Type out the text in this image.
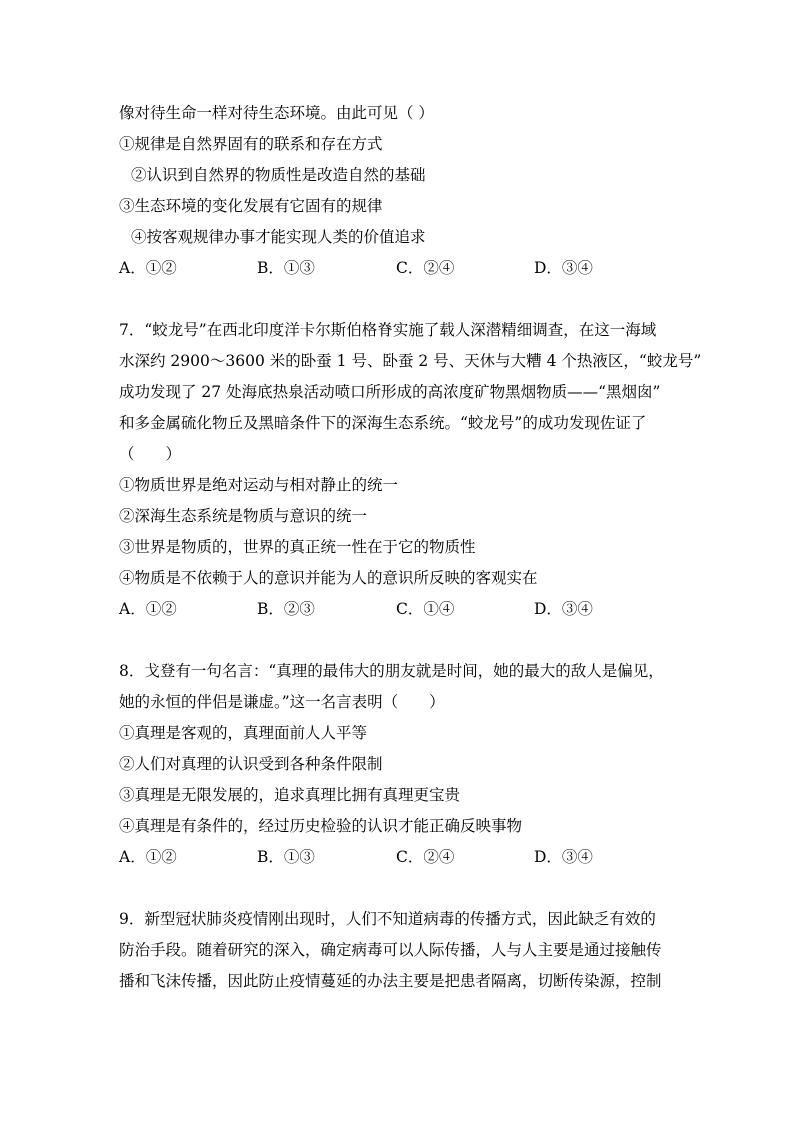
像对待生命一样对待生态环境。由此可见（ ）
①规律是自然界固有的联系和存在方式
②认识到自然界的物质性是改造自然的基础
③生态环境的变化发展有它固有的规律
④按客观规律办事才能实现人类的价值追求
A．①②	B．①③	C．②④	D．③④
7．“蛟龙号”在西北印度洋卡尔斯伯格脊实施了载人深潜精细调查，在这一海域
水深约 2900～3600 米的卧蚕 1 号、卧蚕 2 号、天休与大糟 4 个热液区，“蛟龙号”
成功发现了 27 处海底热泉活动喷口所形成的高浓度矿物黑烟物质——“黑烟囱”
和多金属硫化物丘及黑暗条件下的深海生态系统。“蛟龙号”的成功发现佐证了
（　　）
①物质世界是绝对运动与相对静止的统一
②深海生态系统是物质与意识的统一
③世界是物质的，世界的真正统一性在于它的物质性
④物质是不依赖于人的意识并能为人的意识所反映的客观实在
A．①②	B．②③	C．①④	D．③④
8．戈登有一句名言：“真理的最伟大的朋友就是时间，她的最大的敌人是偏见，
她的永恒的伴侣是谦虚。”这一名言表明（　　）
①真理是客观的，真理面前人人平等
②人们对真理的认识受到各种条件限制
③真理是无限发展的，追求真理比拥有真理更宝贵
④真理是有条件的，经过历史检验的认识才能正确反映事物
A．①②	B．①③	C．②④	D．③④
9．新型冠状肺炎疫情刚出现时，人们不知道病毒的传播方式，因此缺乏有效的
防治手段。随着研究的深入，确定病毒可以人际传播，人与人主要是通过接触传
播和飞沫传播，因此防止疫情蔓延的办法主要是把患者隔离，切断传染源，控制
